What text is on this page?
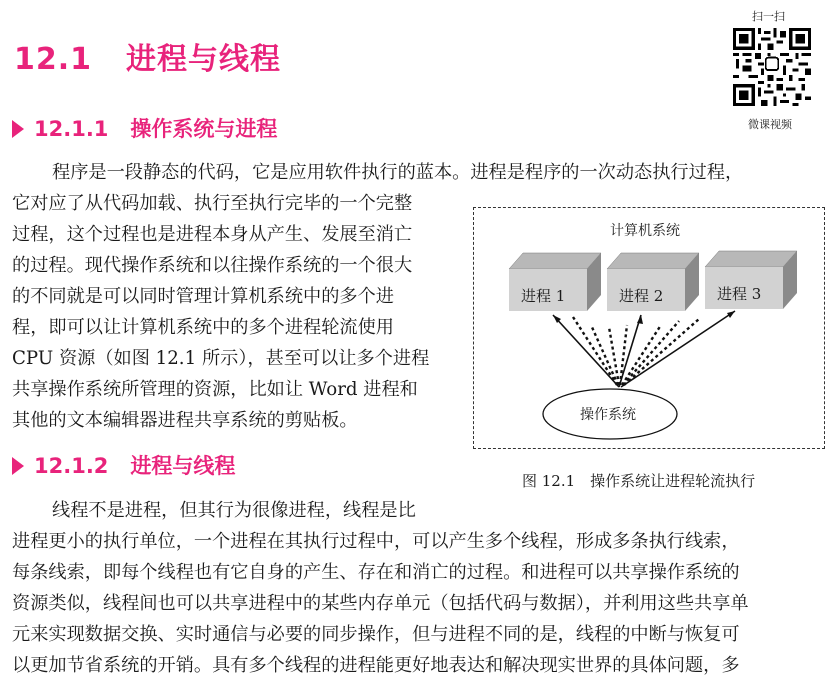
12.1 进程与线程
扫一扫
微课视频
12.1.1 操作系统与进程
程序是一段静态的代码，它是应用软件执行的蓝本。进程是程序的一次动态执行过程，
它对应了从代码加载、执行至执行完毕的一个完整
过程，这个过程也是进程本身从产生、发展至消亡
的过程。现代操作系统和以往操作系统的一个很大
的不同就是可以同时管理计算机系统中的多个进
程，即可以让计算机系统中的多个进程轮流使用
CPU 资源（如图 12.1 所示），甚至可以让多个进程
共享操作系统所管理的资源，比如让 Word 进程和
其他的文本编辑器进程共享系统的剪贴板。
计算机系统
进程 1	进程 2	进程 3
操作系统
图 12.1　操作系统让进程轮流执行
12.1.2 进程与线程
线程不是进程，但其行为很像进程，线程是比
进程更小的执行单位，一个进程在其执行过程中，可以产生多个线程，形成多条执行线索，
每条线索，即每个线程也有它自身的产生、存在和消亡的过程。和进程可以共享操作系统的
资源类似，线程间也可以共享进程中的某些内存单元（包括代码与数据），并利用这些共享单
元来实现数据交换、实时通信与必要的同步操作，但与进程不同的是，线程的中断与恢复可
以更加节省系统的开销。具有多个线程的进程能更好地表达和解决现实世界的具体问题，多
